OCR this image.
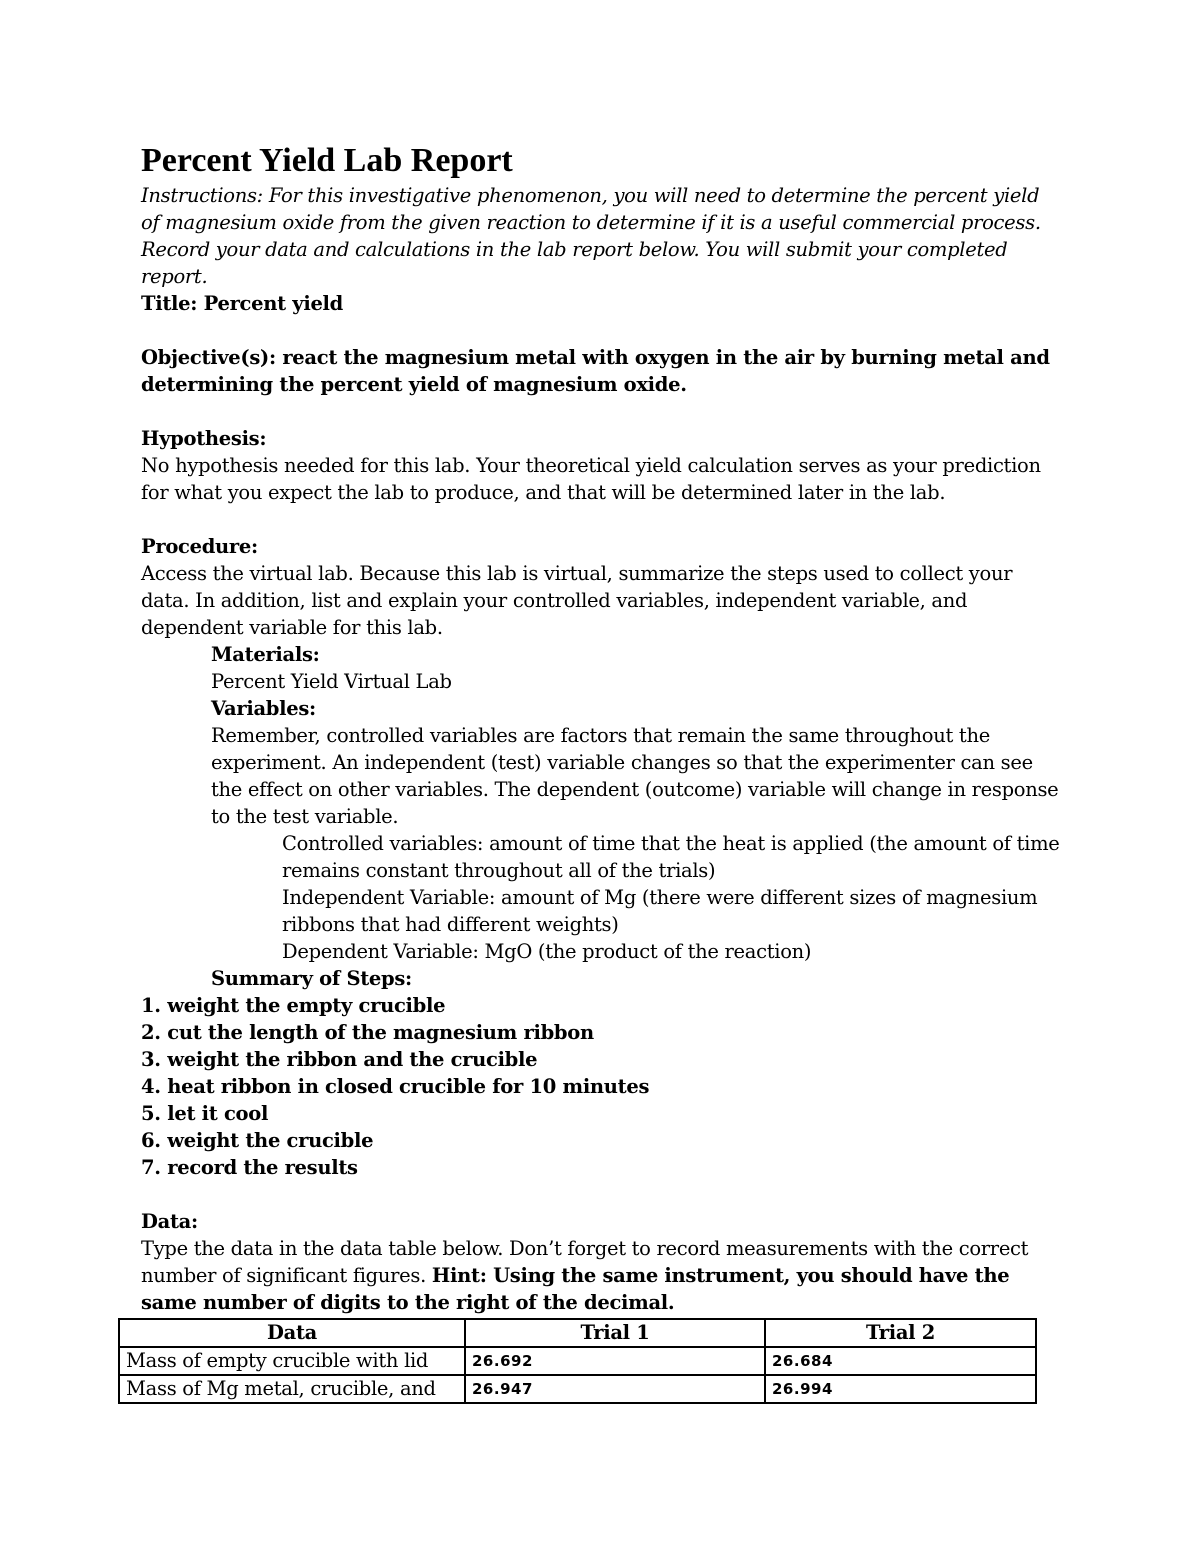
Percent Yield Lab Report

Instructions: For this investigative phenomenon, you will need to determine the percent yield of magnesium oxide from the given reaction to determine if it is a useful commercial process. Record your data and calculations in the lab report below. You will submit your completed report.

Title: Percent yield

Objective(s): react the magnesium metal with oxygen in the air by burning metal and determining the percent yield of magnesium oxide.

Hypothesis:

No hypothesis needed for this lab. Your theoretical yield calculation serves as your prediction for what you expect the lab to produce, and that will be determined later in the lab.

Procedure:

Access the virtual lab. Because this lab is virtual, summarize the steps used to collect your data. In addition, list and explain your controlled variables, independent variable, and dependent variable for this lab.

Materials:

Percent Yield Virtual Lab

Variables:

Remember, controlled variables are factors that remain the same throughout the experiment. An independent (test) variable changes so that the experimenter can see the effect on other variables. The dependent (outcome) variable will change in response to the test variable.

Controlled variables: amount of time that the heat is applied (the amount of time remains constant throughout all of the trials)

Independent Variable: amount of Mg (there were different sizes of magnesium ribbons that had different weights)

Dependent Variable: MgO (the product of the reaction)

Summary of Steps:

1. weight the empty crucible
2. cut the length of the magnesium ribbon
3. weight the ribbon and the crucible
4. heat ribbon in closed crucible for 10 minutes
5. let it cool
6. weight the crucible
7. record the results

Data:

Type the data in the data table below. Don’t forget to record measurements with the correct number of significant figures. Hint: Using the same instrument, you should have the same number of digits to the right of the decimal.

Data	Trial 1	Trial 2
Mass of empty crucible with lid	26.692	26.684
Mass of Mg metal, crucible, and	26.947	26.994
